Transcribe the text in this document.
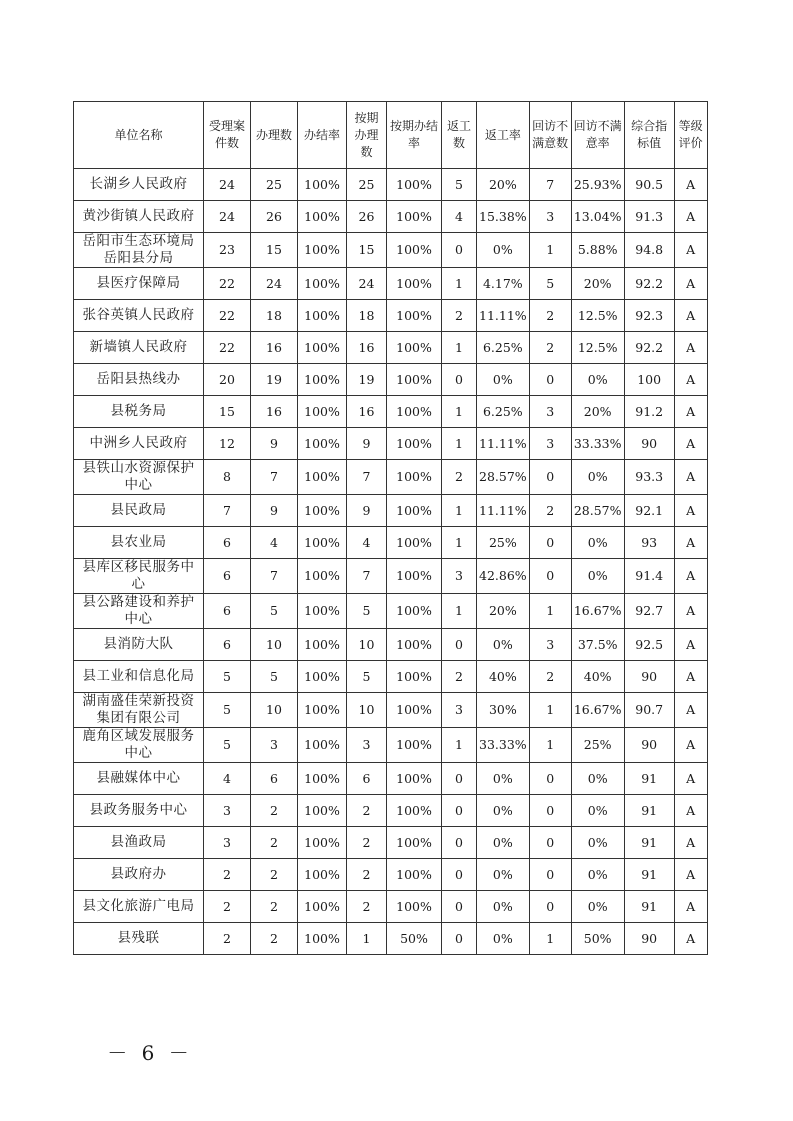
单位名称	受理案件数	办理数	办结率	按期办理数	按期办结率	返工数	返工率	回访不满意数	回访不满意率	综合指标值	等级评价
长湖乡人民政府	24	25	100%	25	100%	5	20%	7	25.93%	90.5	A
黄沙街镇人民政府	24	26	100%	26	100%	4	15.38%	3	13.04%	91.3	A
岳阳市生态环境局岳阳县分局	23	15	100%	15	100%	0	0%	1	5.88%	94.8	A
县医疗保障局	22	24	100%	24	100%	1	4.17%	5	20%	92.2	A
张谷英镇人民政府	22	18	100%	18	100%	2	11.11%	2	12.5%	92.3	A
新墙镇人民政府	22	16	100%	16	100%	1	6.25%	2	12.5%	92.2	A
岳阳县热线办	20	19	100%	19	100%	0	0%	0	0%	100	A
县税务局	15	16	100%	16	100%	1	6.25%	3	20%	91.2	A
中洲乡人民政府	12	9	100%	9	100%	1	11.11%	3	33.33%	90	A
县铁山水资源保护中心	8	7	100%	7	100%	2	28.57%	0	0%	93.3	A
县民政局	7	9	100%	9	100%	1	11.11%	2	28.57%	92.1	A
县农业局	6	4	100%	4	100%	1	25%	0	0%	93	A
县库区移民服务中心	6	7	100%	7	100%	3	42.86%	0	0%	91.4	A
县公路建设和养护中心	6	5	100%	5	100%	1	20%	1	16.67%	92.7	A
县消防大队	6	10	100%	10	100%	0	0%	3	37.5%	92.5	A
县工业和信息化局	5	5	100%	5	100%	2	40%	2	40%	90	A
湖南盛佳荣新投资集团有限公司	5	10	100%	10	100%	3	30%	1	16.67%	90.7	A
鹿角区域发展服务中心	5	3	100%	3	100%	1	33.33%	1	25%	90	A
县融媒体中心	4	6	100%	6	100%	0	0%	0	0%	91	A
县政务服务中心	3	2	100%	2	100%	0	0%	0	0%	91	A
县渔政局	3	2	100%	2	100%	0	0%	0	0%	91	A
县政府办	2	2	100%	2	100%	0	0%	0	0%	91	A
县文化旅游广电局	2	2	100%	2	100%	0	0%	0	0%	91	A
县残联	2	2	100%	1	50%	0	0%	1	50%	90	A
－ 6 －
